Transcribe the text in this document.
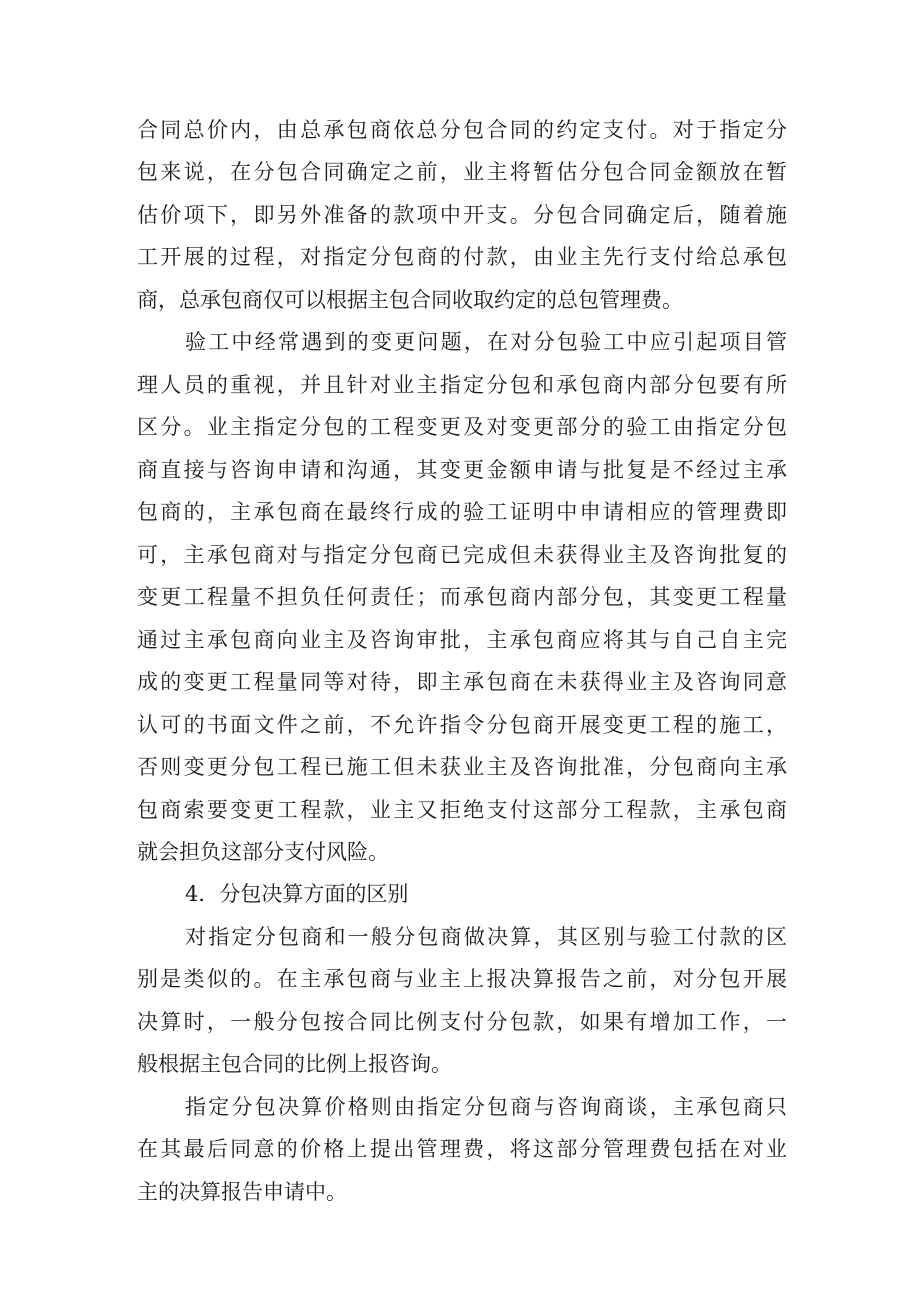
合同总价内，由总承包商依总分包合同的约定支付。对于指定分

包来说，在分包合同确定之前，业主将暂估分包合同金额放在暂

估价项下，即另外准备的款项中开支。分包合同确定后，随着施

工开展的过程，对指定分包商的付款，由业主先行支付给总承包

商，总承包商仅可以根据主包合同收取约定的总包管理费。

验工中经常遇到的变更问题，在对分包验工中应引起项目管

理人员的重视，并且针对业主指定分包和承包商内部分包要有所

区分。业主指定分包的工程变更及对变更部分的验工由指定分包

商直接与咨询申请和沟通，其变更金额申请与批复是不经过主承

包商的，主承包商在最终行成的验工证明中申请相应的管理费即

可，主承包商对与指定分包商已完成但未获得业主及咨询批复的

变更工程量不担负任何责任；而承包商内部分包，其变更工程量

通过主承包商向业主及咨询审批，主承包商应将其与自己自主完

成的变更工程量同等对待，即主承包商在未获得业主及咨询同意

认可的书面文件之前，不允许指令分包商开展变更工程的施工，

否则变更分包工程已施工但未获业主及咨询批准，分包商向主承

包商索要变更工程款，业主又拒绝支付这部分工程款，主承包商

就会担负这部分支付风险。

4．分包决算方面的区别

对指定分包商和一般分包商做决算，其区别与验工付款的区

别是类似的。在主承包商与业主上报决算报告之前，对分包开展

决算时，一般分包按合同比例支付分包款，如果有增加工作，一

般根据主包合同的比例上报咨询。

指定分包决算价格则由指定分包商与咨询商谈，主承包商只

在其最后同意的价格上提出管理费，将这部分管理费包括在对业

主的决算报告申请中。
